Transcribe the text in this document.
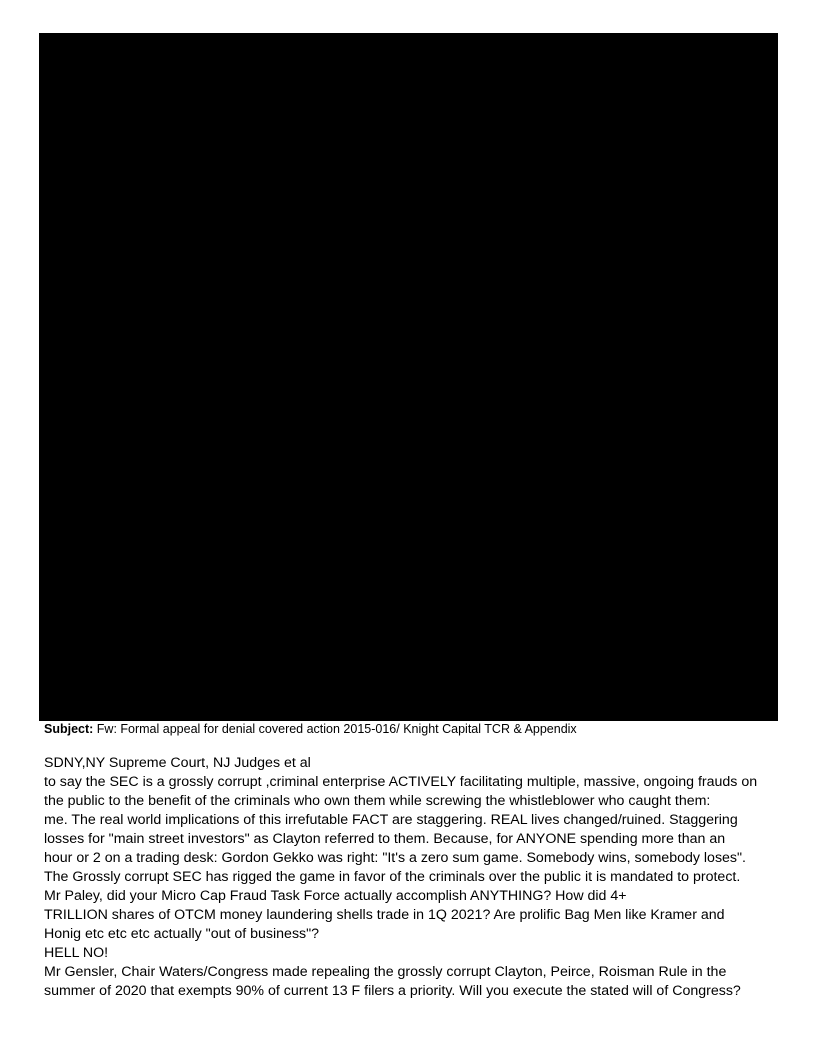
Subject: Fw: Formal appeal for denial covered action 2015-016/ Knight Capital TCR & Appendix
SDNY,NY Supreme Court, NJ Judges et al
to say the SEC is a grossly corrupt ,criminal enterprise ACTIVELY facilitating multiple, massive, ongoing frauds on
the public to the benefit of the criminals who own them while screwing the whistleblower who caught them:
me. The real world implications of this irrefutable FACT are staggering. REAL lives changed/ruined. Staggering
losses for "main street investors" as Clayton referred to them. Because, for ANYONE spending more than an
hour or 2 on a trading desk: Gordon Gekko was right: "It's a zero sum game. Somebody wins, somebody loses".
The Grossly corrupt SEC has rigged the game in favor of the criminals over the public it is mandated to protect.
Mr Paley, did your Micro Cap Fraud Task Force actually accomplish ANYTHING? How did 4+
TRILLION shares of OTCM money laundering shells trade in 1Q 2021? Are prolific Bag Men like Kramer and
Honig etc etc etc actually "out of business"?
HELL NO!
Mr Gensler, Chair Waters/Congress made repealing the grossly corrupt Clayton, Peirce, Roisman Rule in the
summer of 2020 that exempts 90% of current 13 F filers a priority. Will you execute the stated will of Congress?
